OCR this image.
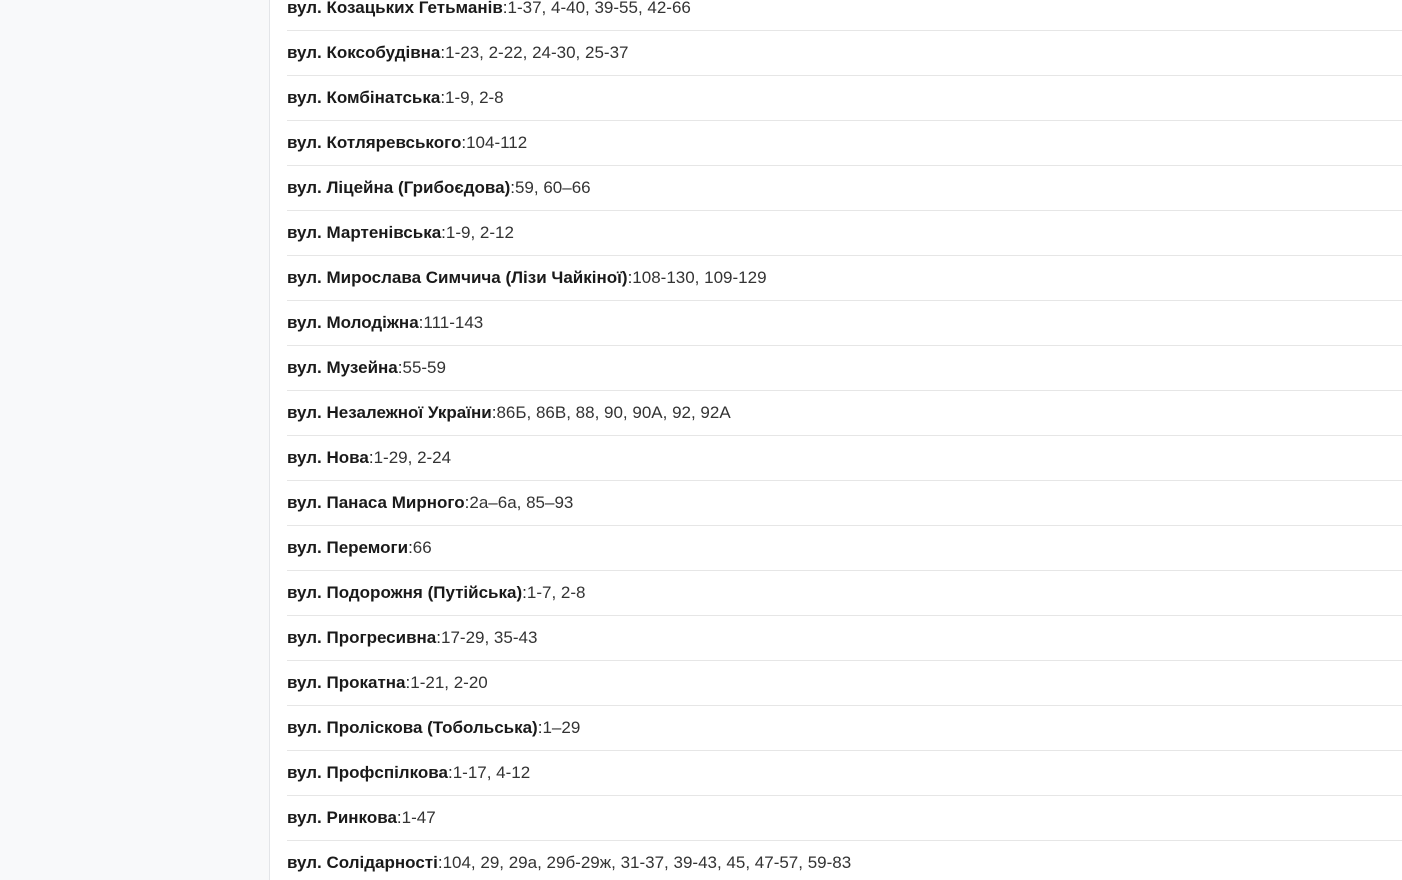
вул. Козацьких Гетьманів : 1-37, 4-40, 39-55, 42-66
вул. Коксобудівна : 1-23, 2-22, 24-30, 25-37
вул. Комбінатська : 1-9, 2-8
вул. Котляревського : 104-112
вул. Ліцейна (Грибоєдова) : 59, 60–66
вул. Мартенівська : 1-9, 2-12
вул. Мирослава Симчича (Лізи Чайкіної) : 108-130, 109-129
вул. Молодіжна : 111-143
вул. Музейна : 55-59
вул. Незалежної України : 86Б, 86В, 88, 90, 90А, 92, 92А
вул. Нова : 1-29, 2-24
вул. Панаса Мирного : 2а–6а, 85–93
вул. Перемоги : 66
вул. Подорожня (Путійська) : 1-7, 2-8
вул. Прогресивна : 17-29, 35-43
вул. Прокатна : 1-21, 2-20
вул. Пролiскова (Тобольська) : 1–29
вул. Профспілкова : 1-17, 4-12
вул. Ринкова : 1-47
вул. Солідарності : 104, 29, 29а, 29б-29ж, 31-37, 39-43, 45, 47-57, 59-83
